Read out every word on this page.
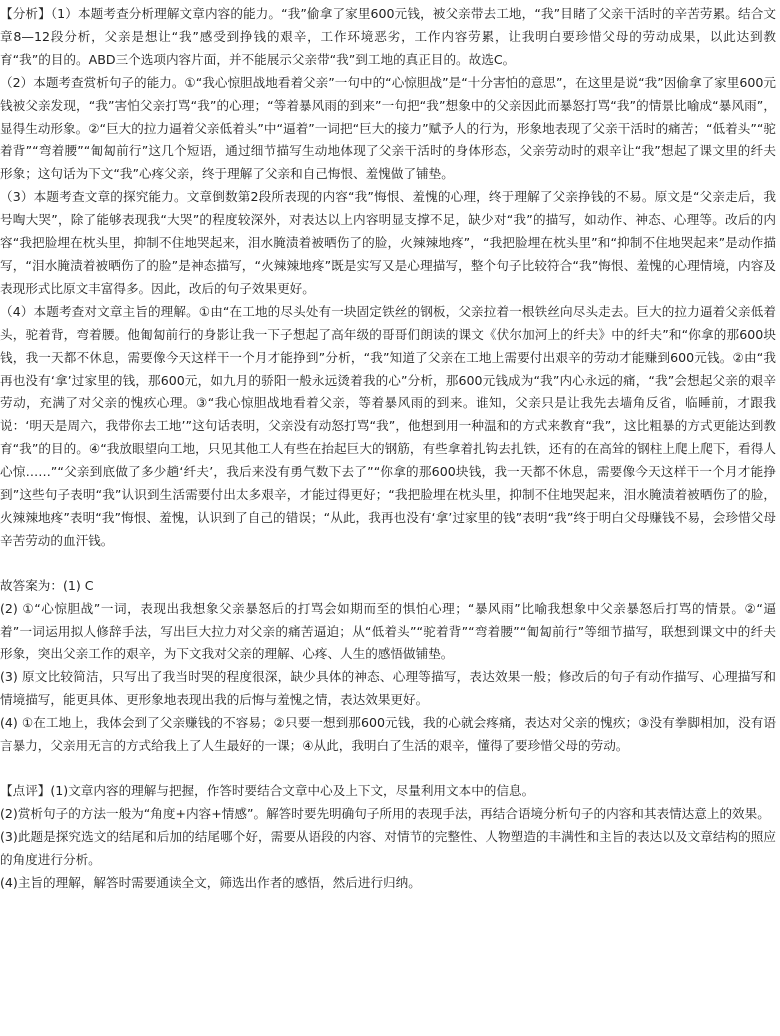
【分析】（1）本题考查分析理解文章内容的能力。“我”偷拿了家里600元钱，被父亲带去工地，“我”目睹了父亲干活时的辛苦劳累。结合文章8—12段分析，父亲是想让“我”感受到挣钱的艰辛，工作环境恶劣，工作内容劳累，让我明白要珍惜父母的劳动成果，以此达到教育“我”的目的。ABD三个选项内容片面，并不能展示父亲带“我”到工地的真正目的。故选C。

（2）本题考查赏析句子的能力。①“我心惊胆战地看着父亲”一句中的“心惊胆战”是“十分害怕的意思”，在这里是说“我”因偷拿了家里600元钱被父亲发现，“我”害怕父亲打骂“我”的心理；“等着暴风雨的到来”一句把“我”想象中的父亲因此而暴怒打骂“我”的情景比喻成“暴风雨”，显得生动形象。②“巨大的拉力逼着父亲低着头”中“逼着”一词把“巨大的接力”赋予人的行为，形象地表现了父亲干活时的痛苦；“低着头”“驼着背”“弯着腰”“匍匐前行”这几个短语，通过细节描写生动地体现了父亲干活时的身体形态，父亲劳动时的艰辛让“我”想起了课文里的纤夫形象；这句话为下文“我”心疼父亲，终于理解了父亲和自己悔恨、羞愧做了铺垫。

（3）本题考查文章的探究能力。文章倒数第2段所表现的内容“我”悔恨、羞愧的心理，终于理解了父亲挣钱的不易。原文是“父亲走后，我号啕大哭”，除了能够表现我“大哭”的程度较深外，对表达以上内容明显支撑不足，缺少对“我”的描写，如动作、神态、心理等。改后的内容“我把脸埋在枕头里，抑制不住地哭起来，泪水腌渍着被晒伤了的脸，火辣辣地疼”，“我把脸埋在枕头里”和“抑制不住地哭起来”是动作描写，“泪水腌渍着被晒伤了的脸”是神态描写，“火辣辣地疼”既是实写又是心理描写，整个句子比较符合“我”悔恨、羞愧的心理情境，内容及表现形式比原文丰富得多。因此，改后的句子效果更好。

（4）本题考查对文章主旨的理解。①由“在工地的尽头处有一块固定铁丝的钢板，父亲拉着一根铁丝向尽头走去。巨大的拉力逼着父亲低着头，驼着背，弯着腰。他匍匐前行的身影让我一下子想起了高年级的哥哥们朗读的课文《伏尔加河上的纤夫》中的纤夫”和“你拿的那600块钱，我一天都不休息，需要像今天这样干一个月才能挣到”分析，“我”知道了父亲在工地上需要付出艰辛的劳动才能赚到600元钱。②由“我再也没有‘拿’过家里的钱，那600元，如九月的骄阳一般永远烫着我的心”分析，那600元钱成为“我”内心永远的痛，“我”会想起父亲的艰辛劳动，充满了对父亲的愧疚心理。③“我心惊胆战地看着父亲，等着暴风雨的到来。谁知，父亲只是让我先去墙角反省，临睡前，才跟我说：‘明天是周六，我带你去工地’”这句话表明，父亲没有动怒打骂“我”，他想到用一种温和的方式来教育“我”，这比粗暴的方式更能达到教育“我”的目的。④“我放眼望向工地，只见其他工人有些在抬起巨大的钢筋，有些拿着扎钩去扎铁，还有的在高耸的钢柱上爬上爬下，看得人心惊……”“父亲到底做了多少趟‘纤夫’，我后来没有勇气数下去了”“你拿的那600块钱，我一天都不休息，需要像今天这样干一个月才能挣到”这些句子表明“我”认识到生活需要付出太多艰辛，才能过得更好；“我把脸埋在枕头里，抑制不住地哭起来，泪水腌渍着被晒伤了的脸，火辣辣地疼”表明“我”悔恨、羞愧，认识到了自己的错误；“从此，我再也没有‘拿’过家里的钱”表明“我”终于明白父母赚钱不易，会珍惜父母辛苦劳动的血汗钱。

故答案为：(1) C

(2) ①“心惊胆战”一词，表现出我想象父亲暴怒后的打骂会如期而至的惧怕心理；“暴风雨”比喻我想象中父亲暴怒后打骂的情景。②“逼着”一词运用拟人修辞手法，写出巨大拉力对父亲的痛苦逼迫；从“低着头”“驼着背”“弯着腰”“匍匐前行”等细节描写，联想到课文中的纤夫形象，突出父亲工作的艰辛，为下文我对父亲的理解、心疼、人生的感悟做铺垫。

(3) 原文比较简洁，只写出了我当时哭的程度很深，缺少具体的神态、心理等描写，表达效果一般；修改后的句子有动作描写、心理描写和情境描写，能更具体、更形象地表现出我的后悔与羞愧之情，表达效果更好。

(4) ①在工地上，我体会到了父亲赚钱的不容易；②只要一想到那600元钱，我的心就会疼痛，表达对父亲的愧疚；③没有拳脚相加，没有语言暴力，父亲用无言的方式给我上了人生最好的一课；④从此，我明白了生活的艰辛，懂得了要珍惜父母的劳动。

【点评】(1)文章内容的理解与把握，作答时要结合文章中心及上下文，尽量利用文本中的信息。

(2)赏析句子的方法一般为“角度+内容+情感”。解答时要先明确句子所用的表现手法，再结合语境分析句子的内容和其表情达意上的效果。

(3)此题是探究选文的结尾和后加的结尾哪个好，需要从语段的内容、对情节的完整性、人物塑造的丰满性和主旨的表达以及文章结构的照应的角度进行分析。

(4)主旨的理解，解答时需要通读全文，筛选出作者的感悟，然后进行归纳。
